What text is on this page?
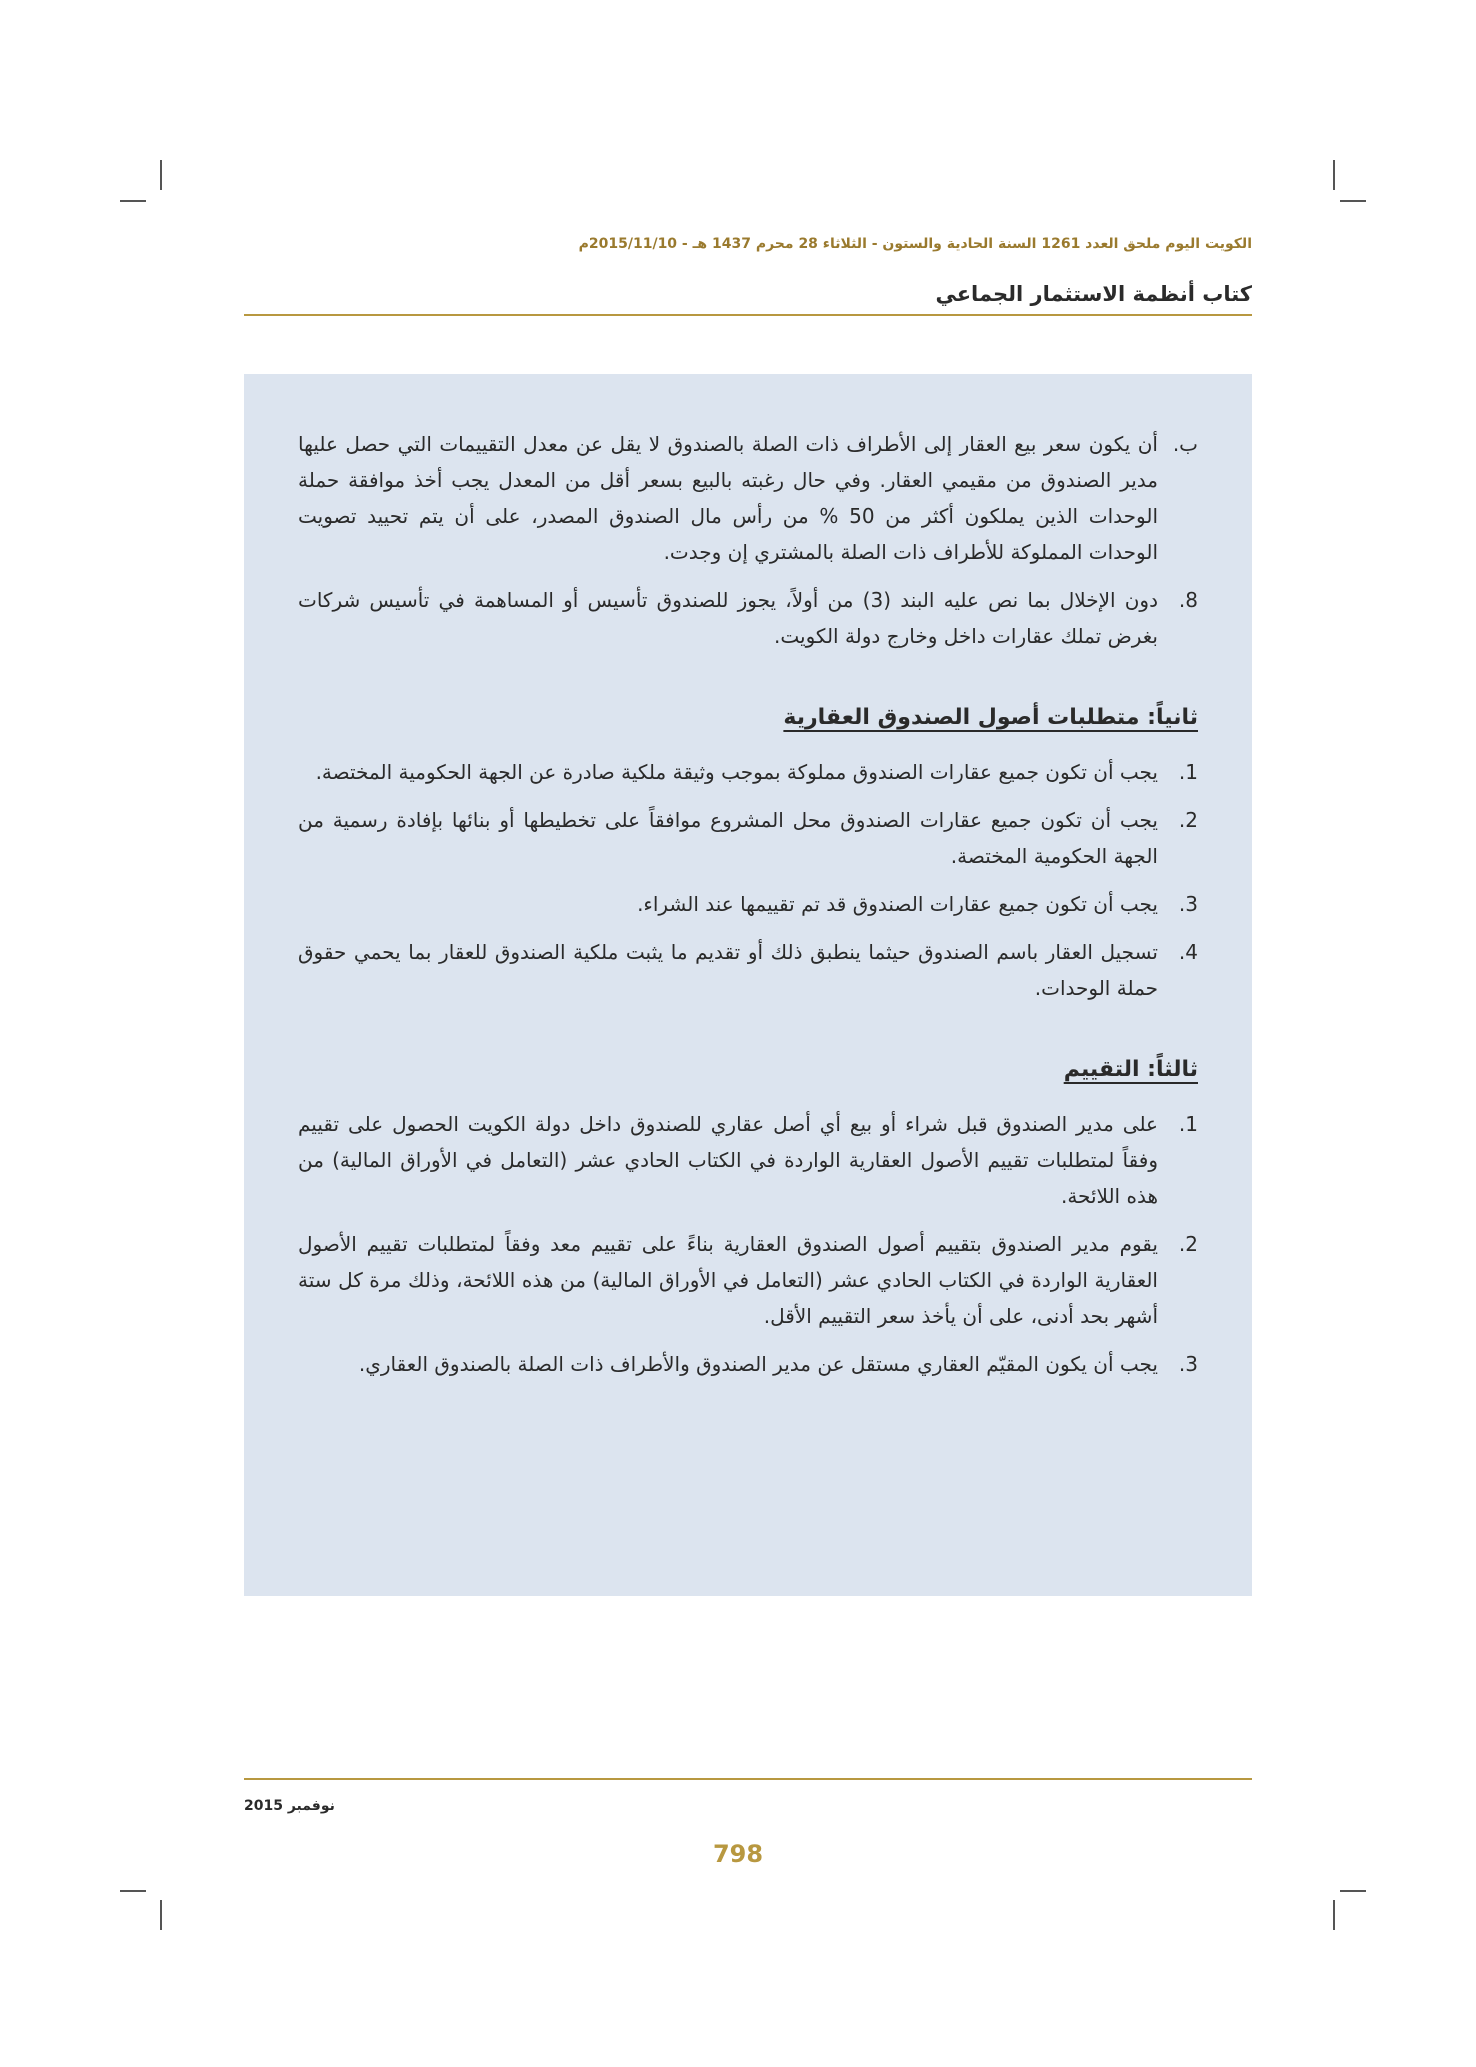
الكويت اليوم ملحق العدد 1261 السنة الحادية والستون - الثلاثاء 28 محرم 1437 هـ - 2015/11/10م
كتاب أنظمة الاستثمار الجماعي
ب.
أن يكون سعر بيع العقار إلى الأطراف ذات الصلة بالصندوق لا يقل عن معدل التقييمات التي حصل عليها مدير الصندوق من مقيمي العقار. وفي حال رغبته بالبيع بسعر أقل من المعدل يجب أخذ موافقة حملة الوحدات الذين يملكون أكثر من 50 % من رأس مال الصندوق المصدر، على أن يتم تحييد تصويت الوحدات المملوكة للأطراف ذات الصلة بالمشتري إن وجدت.
8.
دون الإخلال بما نص عليه البند (3) من أولاً، يجوز للصندوق تأسيس أو المساهمة في تأسيس شركات بغرض تملك عقارات داخل وخارج دولة الكويت.
ثانياً: متطلبات أصول الصندوق العقارية
1.
يجب أن تكون جميع عقارات الصندوق مملوكة بموجب وثيقة ملكية صادرة عن الجهة الحكومية المختصة.
2.
يجب أن تكون جميع عقارات الصندوق محل المشروع موافقاً على تخطيطها أو بنائها بإفادة رسمية من الجهة الحكومية المختصة.
3.
يجب أن تكون جميع عقارات الصندوق قد تم تقييمها عند الشراء.
4.
تسجيل العقار باسم الصندوق حيثما ينطبق ذلك أو تقديم ما يثبت ملكية الصندوق للعقار بما يحمي حقوق حملة الوحدات.
ثالثاً: التقييم
1.
على مدير الصندوق قبل شراء أو بيع أي أصل عقاري للصندوق داخل دولة الكويت الحصول على تقييم وفقاً لمتطلبات تقييم الأصول العقارية الواردة في الكتاب الحادي عشر (التعامل في الأوراق المالية) من هذه اللائحة.
2.
يقوم مدير الصندوق بتقييم أصول الصندوق العقارية بناءً على تقييم معد وفقاً لمتطلبات تقييم الأصول العقارية الواردة في الكتاب الحادي عشر (التعامل في الأوراق المالية) من هذه اللائحة، وذلك مرة كل ستة أشهر بحد أدنى، على أن يأخذ سعر التقييم الأقل.
3.
يجب أن يكون المقيّم العقاري مستقل عن مدير الصندوق والأطراف ذات الصلة بالصندوق العقاري.
نوفمبر 2015
798
